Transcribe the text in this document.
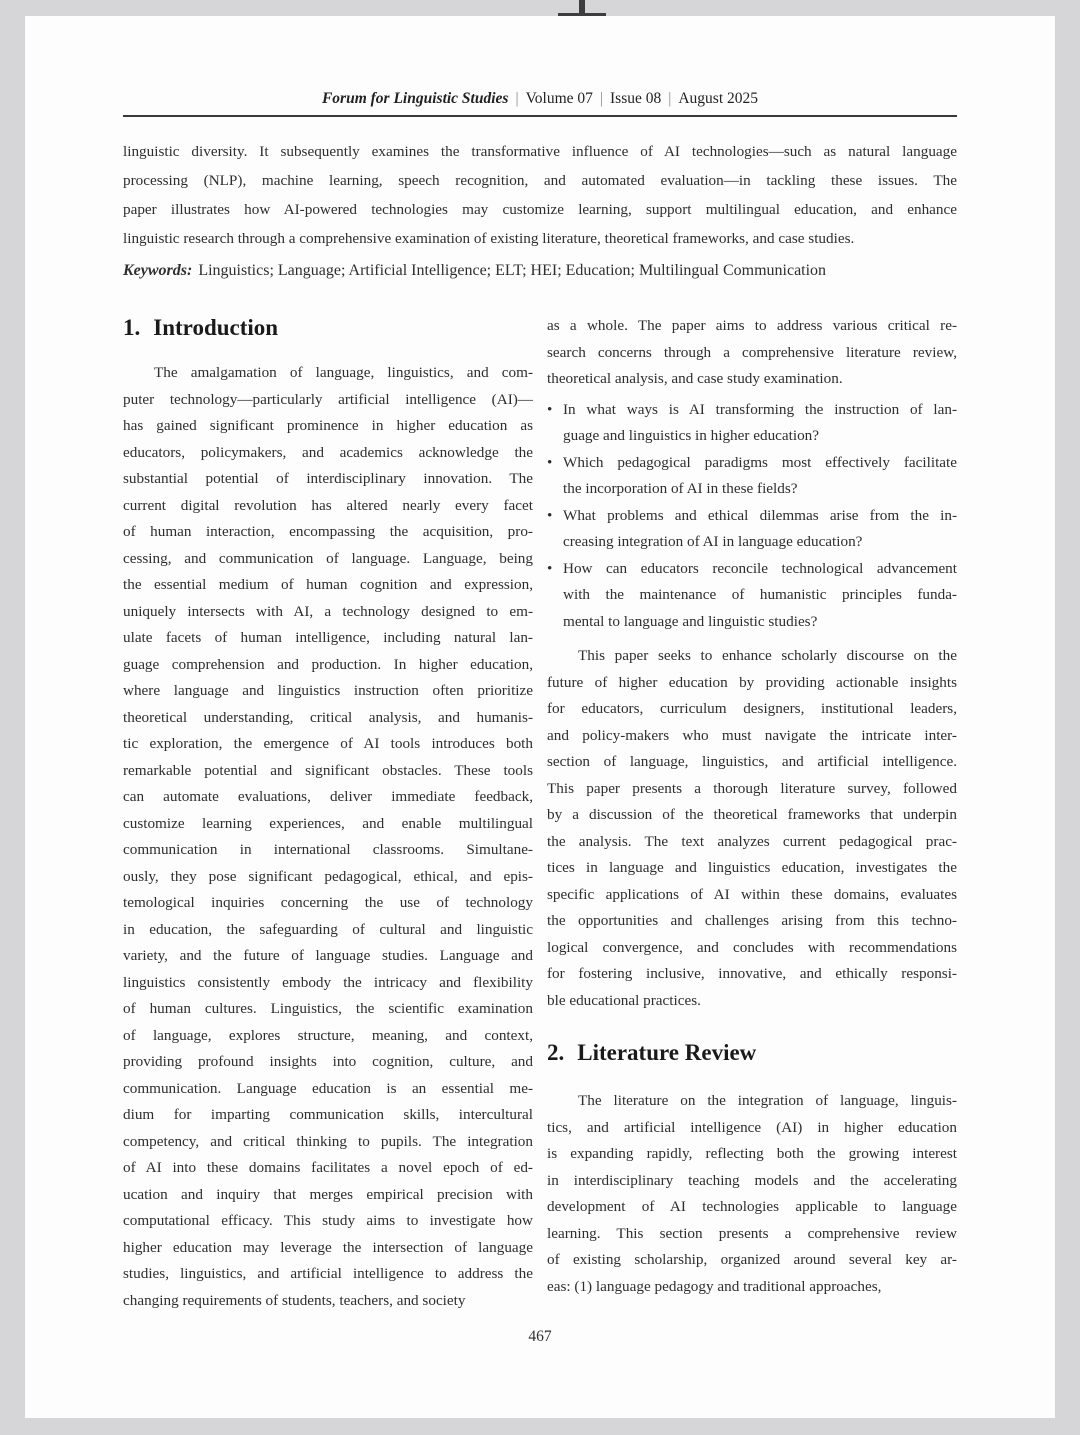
Forum for Linguistic Studies | Volume 07 | Issue 08 | August 2025
linguistic diversity. It subsequently examines the transformative influence of AI technologies—such as natural language
processing (NLP), machine learning, speech recognition, and automated evaluation—in tackling these issues. The
paper illustrates how AI-powered technologies may customize learning, support multilingual education, and enhance
linguistic research through a comprehensive examination of existing literature, theoretical frameworks, and case studies.
Keywords: Linguistics; Language; Artificial Intelligence; ELT; HEI; Education; Multilingual Communication
1. Introduction
The amalgamation of language, linguistics, and com-
puter technology—particularly artificial intelligence (AI)—
has gained significant prominence in higher education as
educators, policymakers, and academics acknowledge the
substantial potential of interdisciplinary innovation. The
current digital revolution has altered nearly every facet
of human interaction, encompassing the acquisition, pro-
cessing, and communication of language. Language, being
the essential medium of human cognition and expression,
uniquely intersects with AI, a technology designed to em-
ulate facets of human intelligence, including natural lan-
guage comprehension and production. In higher education,
where language and linguistics instruction often prioritize
theoretical understanding, critical analysis, and humanis-
tic exploration, the emergence of AI tools introduces both
remarkable potential and significant obstacles. These tools
can automate evaluations, deliver immediate feedback,
customize learning experiences, and enable multilingual
communication in international classrooms. Simultane-
ously, they pose significant pedagogical, ethical, and epis-
temological inquiries concerning the use of technology
in education, the safeguarding of cultural and linguistic
variety, and the future of language studies. Language and
linguistics consistently embody the intricacy and flexibility
of human cultures. Linguistics, the scientific examination
of language, explores structure, meaning, and context,
providing profound insights into cognition, culture, and
communication. Language education is an essential me-
dium for imparting communication skills, intercultural
competency, and critical thinking to pupils. The integration
of AI into these domains facilitates a novel epoch of ed-
ucation and inquiry that merges empirical precision with
computational efficacy. This study aims to investigate how
higher education may leverage the intersection of language
studies, linguistics, and artificial intelligence to address the
changing requirements of students, teachers, and society
as a whole. The paper aims to address various critical re-
search concerns through a comprehensive literature review,
theoretical analysis, and case study examination.
• In what ways is AI transforming the instruction of lan-
guage and linguistics in higher education?
• Which pedagogical paradigms most effectively facilitate
the incorporation of AI in these fields?
• What problems and ethical dilemmas arise from the in-
creasing integration of AI in language education?
• How can educators reconcile technological advancement
with the maintenance of humanistic principles funda-
mental to language and linguistic studies?
This paper seeks to enhance scholarly discourse on the
future of higher education by providing actionable insights
for educators, curriculum designers, institutional leaders,
and policy-makers who must navigate the intricate inter-
section of language, linguistics, and artificial intelligence.
This paper presents a thorough literature survey, followed
by a discussion of the theoretical frameworks that underpin
the analysis. The text analyzes current pedagogical prac-
tices in language and linguistics education, investigates the
specific applications of AI within these domains, evaluates
the opportunities and challenges arising from this techno-
logical convergence, and concludes with recommendations
for fostering inclusive, innovative, and ethically responsi-
ble educational practices.
2. Literature Review
The literature on the integration of language, linguis-
tics, and artificial intelligence (AI) in higher education
is expanding rapidly, reflecting both the growing interest
in interdisciplinary teaching models and the accelerating
development of AI technologies applicable to language
learning. This section presents a comprehensive review
of existing scholarship, organized around several key ar-
eas: (1) language pedagogy and traditional approaches,
467
